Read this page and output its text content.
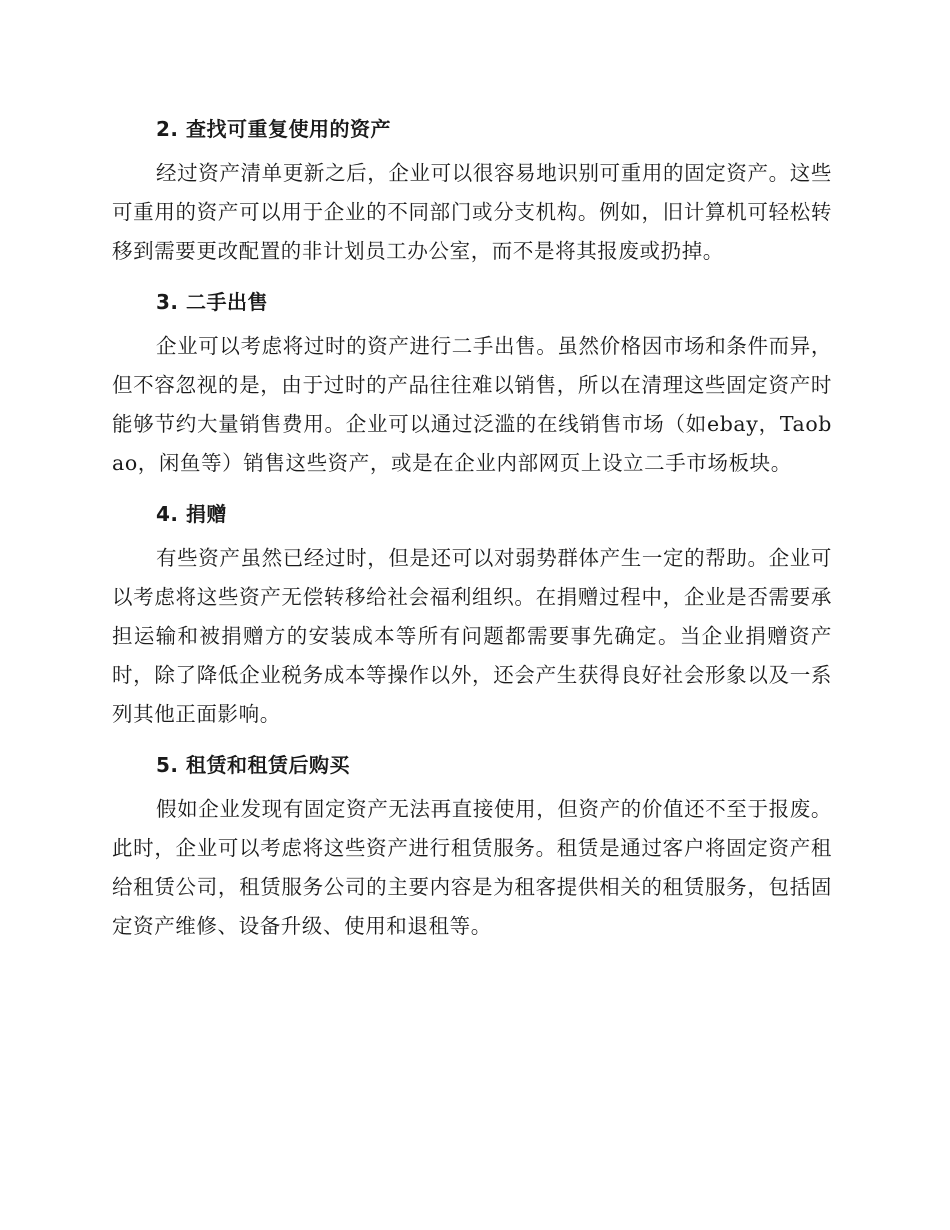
2. 查找可重复使用的资产

经过资产清单更新之后，企业可以很容易地识别可重用的固定资产。这些可重用的资产可以用于企业的不同部门或分支机构。例如，旧计算机可轻松转移到需要更改配置的非计划员工办公室，而不是将其报废或扔掉。

3. 二手出售

企业可以考虑将过时的资产进行二手出售。虽然价格因市场和条件而异，但不容忽视的是，由于过时的产品往往难以销售，所以在清理这些固定资产时能够节约大量销售费用。企业可以通过泛滥的在线销售市场（如ebay，Taobao，闲鱼等）销售这些资产，或是在企业内部网页上设立二手市场板块。

4. 捐赠

有些资产虽然已经过时，但是还可以对弱势群体产生一定的帮助。企业可以考虑将这些资产无偿转移给社会福利组织。在捐赠过程中，企业是否需要承担运输和被捐赠方的安装成本等所有问题都需要事先确定。当企业捐赠资产时，除了降低企业税务成本等操作以外，还会产生获得良好社会形象以及一系列其他正面影响。

5. 租赁和租赁后购买

假如企业发现有固定资产无法再直接使用，但资产的价值还不至于报废。此时，企业可以考虑将这些资产进行租赁服务。租赁是通过客户将固定资产租给租赁公司，租赁服务公司的主要内容是为租客提供相关的租赁服务，包括固定资产维修、设备升级、使用和退租等。
